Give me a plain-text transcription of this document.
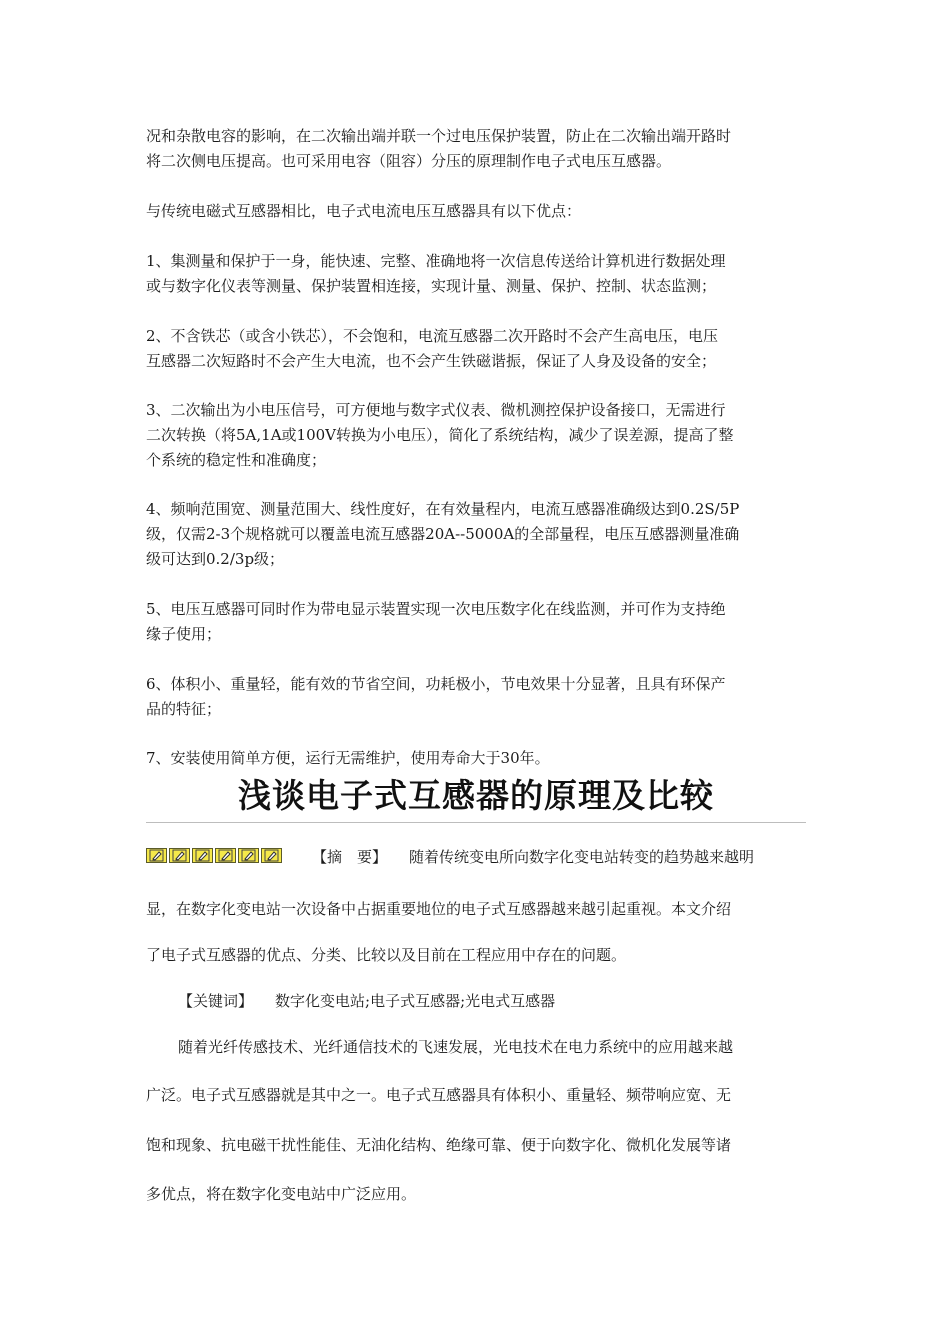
况和杂散电容的影响，在二次输出端并联一个过电压保护装置，防止在二次输出端开路时
将二次侧电压提高。也可采用电容（阻容）分压的原理制作电子式电压互感器。

与传统电磁式互感器相比，电子式电流电压互感器具有以下优点：

1、集测量和保护于一身，能快速、完整、准确地将一次信息传送给计算机进行数据处理
或与数字化仪表等测量、保护装置相连接，实现计量、测量、保护、控制、状态监测；

2、不含铁芯（或含小铁芯），不会饱和，电流互感器二次开路时不会产生高电压，电压
互感器二次短路时不会产生大电流，也不会产生铁磁谐振，保证了人身及设备的安全；

3、二次输出为小电压信号，可方便地与数字式仪表、微机测控保护设备接口，无需进行
二次转换（将5A,1A或100V转换为小电压），简化了系统结构，减少了误差源，提高了整
个系统的稳定性和准确度；

4、频响范围宽、测量范围大、线性度好，在有效量程内，电流互感器准确级达到0.2S/5P
级，仅需2-3个规格就可以覆盖电流互感器20A--5000A的全部量程，电压互感器测量准确
级可达到0.2/3p级；

5、电压互感器可同时作为带电显示装置实现一次电压数字化在线监测，并可作为支持绝
缘子使用；

6、体积小、重量轻，能有效的节省空间，功耗极小，节电效果十分显著，且具有环保产
品的特征；

7、安装使用简单方便，运行无需维护，使用寿命大于30年。

浅谈电子式互感器的原理及比较
【摘　要】 随着传统变电所向数字化变电站转变的趋势越来越明
显，在数字化变电站一次设备中占据重要地位的电子式互感器越来越引起重视。本文介绍
了电子式互感器的优点、分类、比较以及目前在工程应用中存在的问题。
【关键词】 数字化变电站;电子式互感器;光电式互感器
随着光纤传感技术、光纤通信技术的飞速发展，光电技术在电力系统中的应用越来越
广泛。电子式互感器就是其中之一。电子式互感器具有体积小、重量轻、频带响应宽、无
饱和现象、抗电磁干扰性能佳、无油化结构、绝缘可靠、便于向数字化、微机化发展等诸
多优点，将在数字化变电站中广泛应用。
